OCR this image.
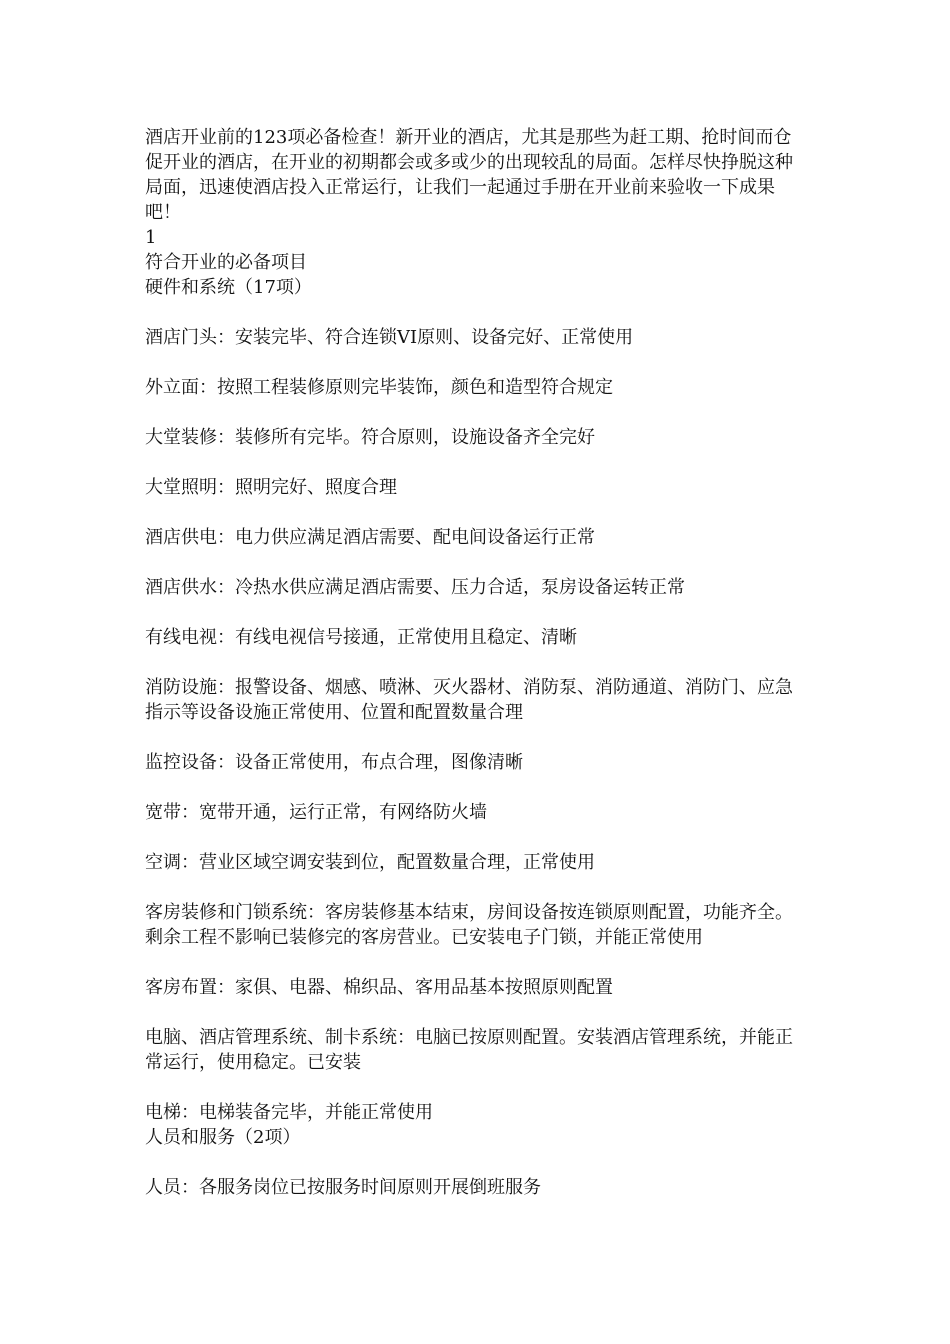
酒店开业前的123项必备检查！新开业的酒店，尤其是那些为赶工期、抢时间而仓促开业的酒店，在开业的初期都会或多或少的出现较乱的局面。怎样尽快挣脱这种局面，迅速使酒店投入正常运行，让我们一起通过手册在开业前来验收一下成果吧！

1

符合开业的必备项目

硬件和系统（17项）

酒店门头：安装完毕、符合连锁VI原则、设备完好、正常使用

外立面：按照工程装修原则完毕装饰，颜色和造型符合规定

大堂装修：装修所有完毕。符合原则，设施设备齐全完好

大堂照明：照明完好、照度合理

酒店供电：电力供应满足酒店需要、配电间设备运行正常

酒店供水：冷热水供应满足酒店需要、压力合适，泵房设备运转正常

有线电视：有线电视信号接通，正常使用且稳定、清晰

消防设施：报警设备、烟感、喷淋、灭火器材、消防泵、消防通道、消防门、应急指示等设备设施正常使用、位置和配置数量合理

监控设备：设备正常使用，布点合理，图像清晰

宽带：宽带开通，运行正常，有网络防火墙

空调：营业区域空调安装到位，配置数量合理，正常使用

客房装修和门锁系统：客房装修基本结束，房间设备按连锁原则配置，功能齐全。剩余工程不影响已装修完的客房营业。已安装电子门锁，并能正常使用

客房布置：家俱、电器、棉织品、客用品基本按照原则配置

电脑、酒店管理系统、制卡系统：电脑已按原则配置。安装酒店管理系统，并能正常运行，使用稳定。已安装

电梯：电梯装备完毕，并能正常使用

人员和服务（2项）

人员：各服务岗位已按服务时间原则开展倒班服务
